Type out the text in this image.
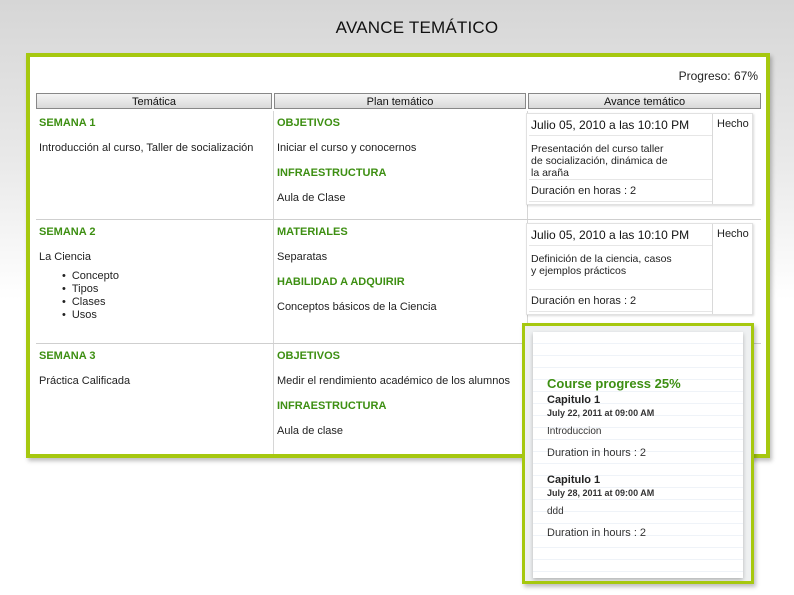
AVANCE TEMÁTICO
Progreso: 67%
Temática	Plan temático	Avance temático
SEMANA 1
Introducción al curso, Taller de socialización
OBJETIVOS
Iniciar el curso y conocernos
INFRAESTRUCTURA
Aula de Clase
Julio 05, 2010 a las 10:10 PM
Presentación del curso taller de socialización, dinámica de la araña
Duración en horas : 2
Hecho
SEMANA 2
La Ciencia
• Concepto
• Tipos
• Clases
• Usos
MATERIALES
Separatas
HABILIDAD A ADQUIRIR
Conceptos básicos de la Ciencia
Julio 05, 2010 a las 10:10 PM
Definición de la ciencia, casos y ejemplos prácticos
Duración en horas : 2
Hecho
SEMANA 3
Práctica Calificada
OBJETIVOS
Medir el rendimiento académico de los alumnos
INFRAESTRUCTURA
Aula de clase
Course progress 25%
Capitulo 1
July 22, 2011 at 09:00 AM
Introduccion
Duration in hours : 2
Capitulo 1
July 28, 2011 at 09:00 AM
ddd
Duration in hours : 2
